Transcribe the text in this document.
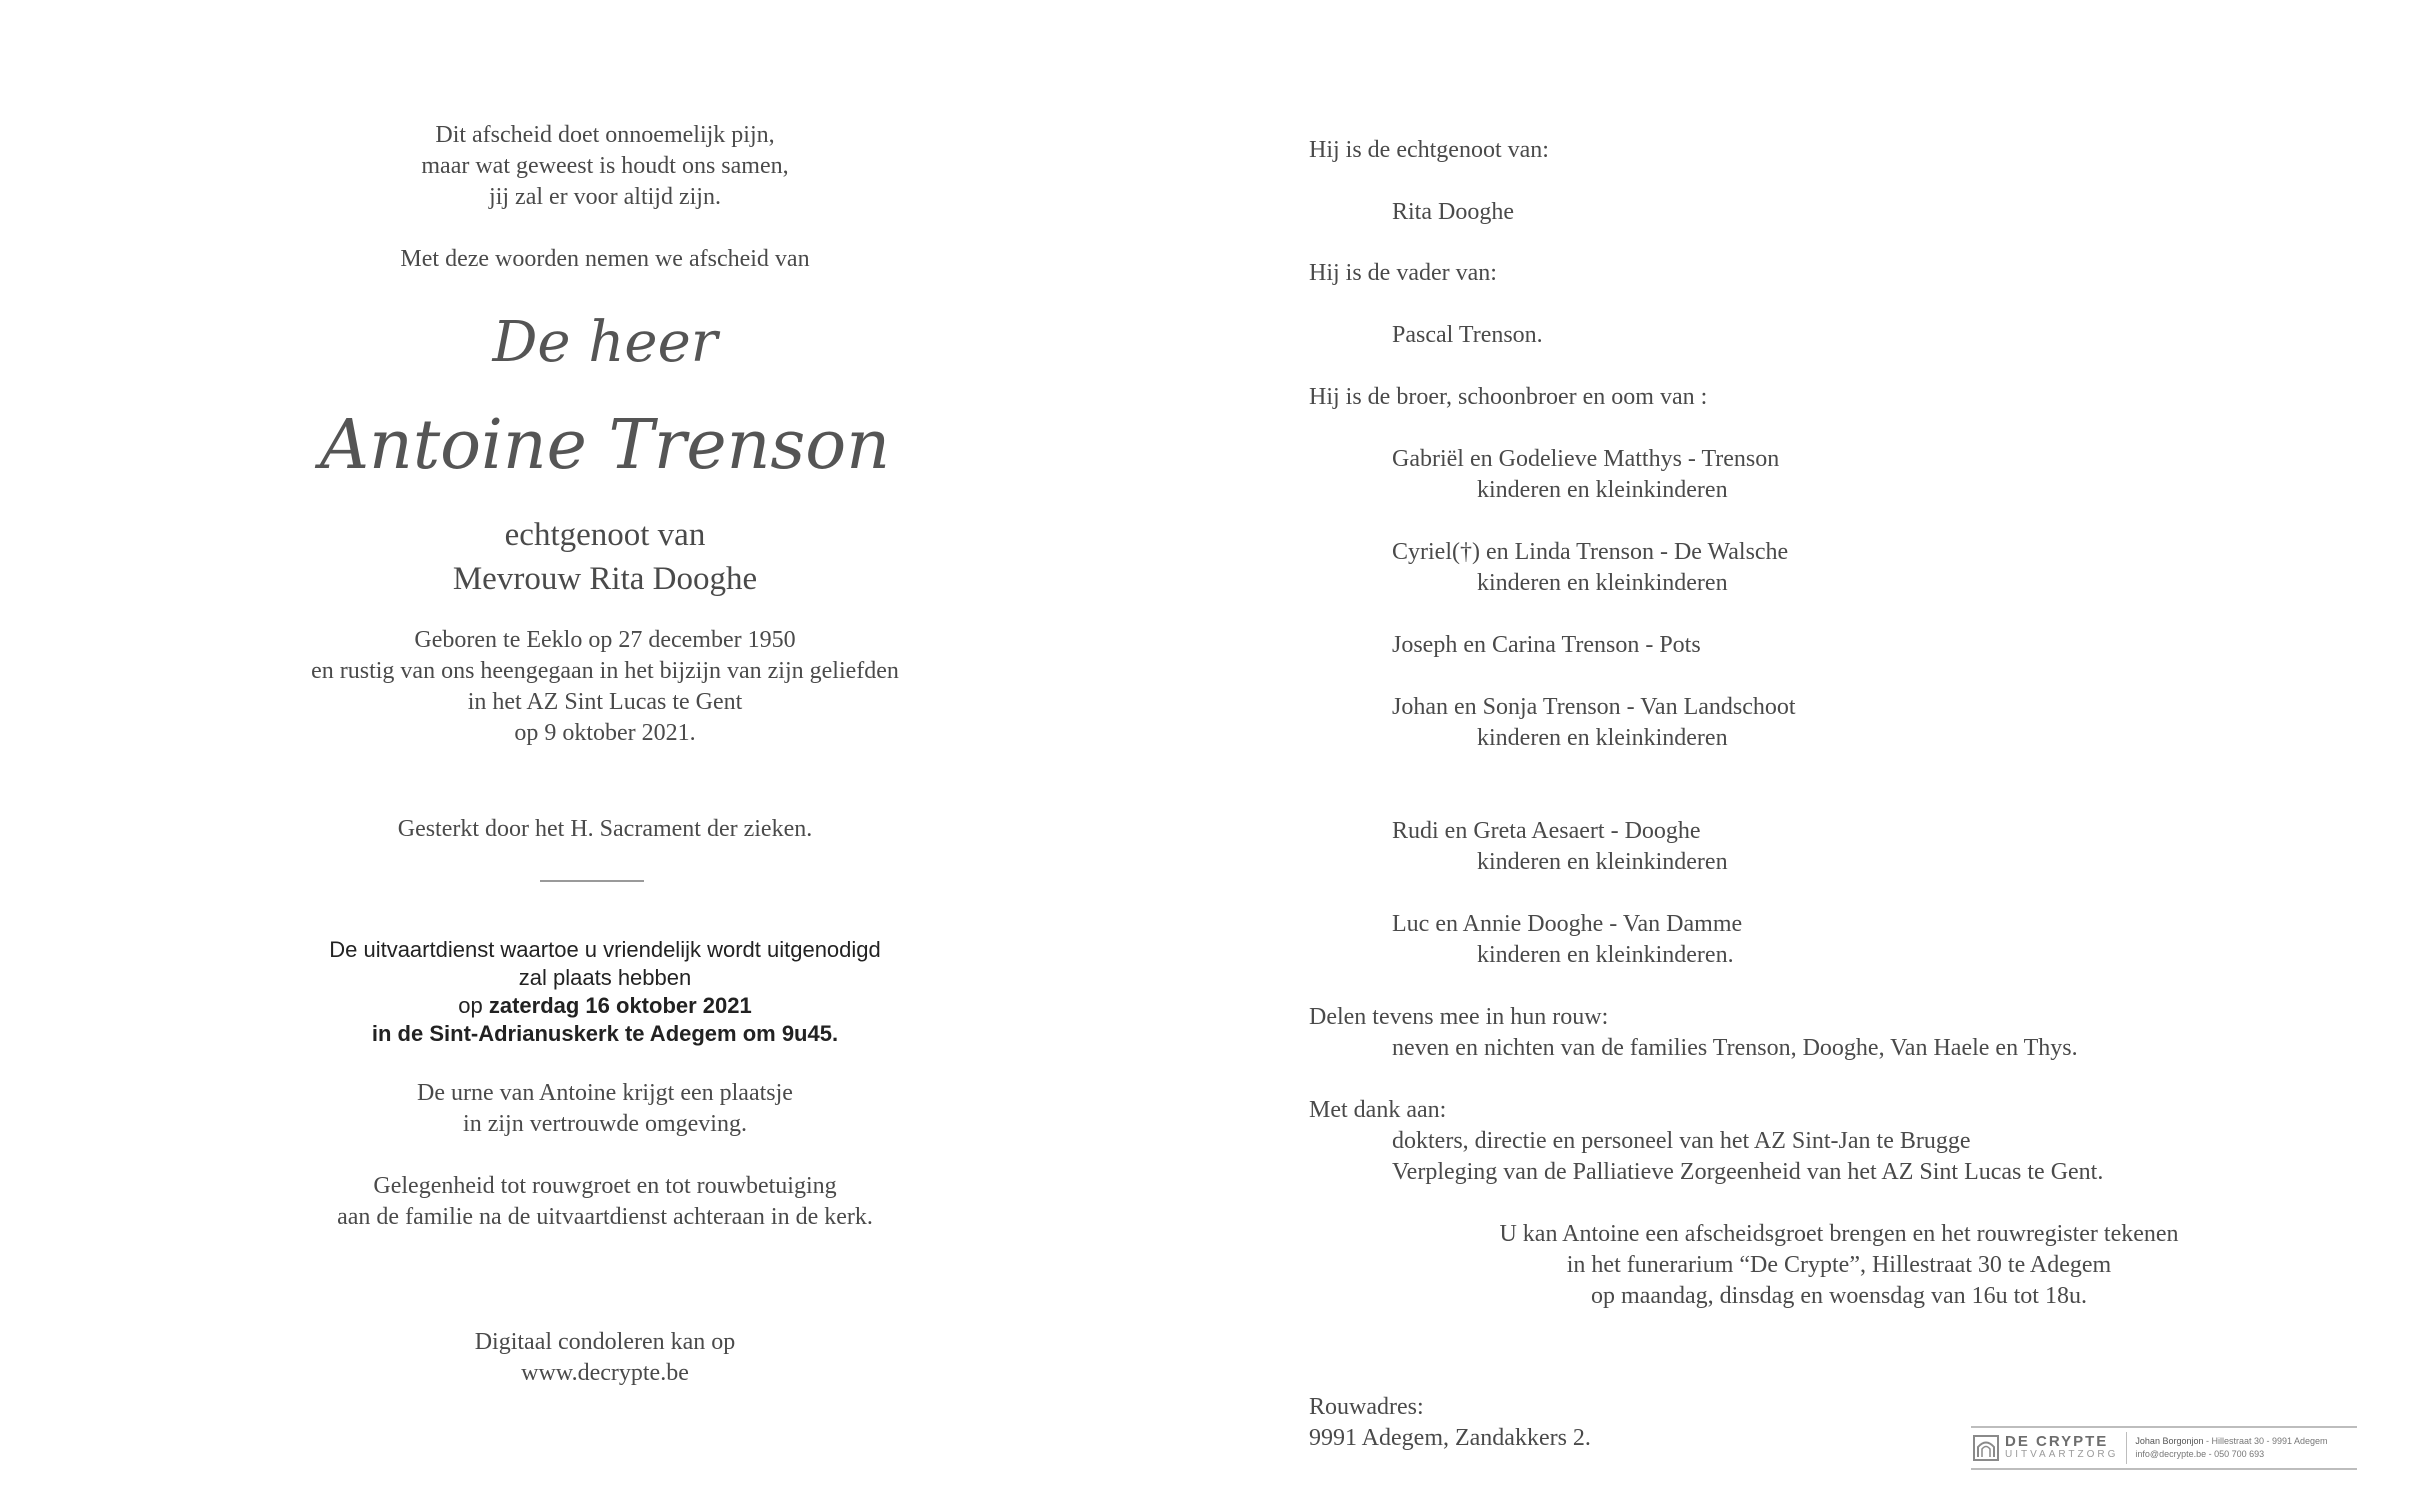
Dit afscheid doet onnoemelijk pijn,
maar wat geweest is houdt ons samen,
jij zal er voor altijd zijn.
Met deze woorden nemen we afscheid van
De heer
Antoine Trenson
echtgenoot van
Mevrouw Rita Dooghe
Geboren te Eeklo op 27 december 1950
en rustig van ons heengegaan in het bijzijn van zijn geliefden
in het AZ Sint Lucas te Gent
op 9 oktober 2021.
Gesterkt door het H. Sacrament der zieken.
De uitvaartdienst waartoe u vriendelijk wordt uitgenodigd
zal plaats hebben
op zaterdag 16 oktober 2021
in de Sint-Adrianuskerk te Adegem om 9u45.
De urne van Antoine krijgt een plaatsje
in zijn vertrouwde omgeving.
Gelegenheid tot rouwgroet en tot rouwbetuiging
aan de familie na de uitvaartdienst achteraan in de kerk.
Digitaal condoleren kan op
www.decrypte.be
Hij is de echtgenoot van:
Rita Dooghe
Hij is de vader van:
Pascal Trenson.
Hij is de broer, schoonbroer en oom van :
Gabriël en Godelieve Matthys - Trenson
kinderen en kleinkinderen
Cyriel(†) en Linda Trenson - De Walsche
kinderen en kleinkinderen
Joseph en Carina Trenson - Pots
Johan en Sonja Trenson - Van Landschoot
kinderen en kleinkinderen
Rudi en Greta Aesaert - Dooghe
kinderen en kleinkinderen
Luc en Annie Dooghe - Van Damme
kinderen en kleinkinderen.
Delen tevens mee in hun rouw:
neven en nichten van de families Trenson, Dooghe, Van Haele en Thys.
Met dank aan:
dokters, directie en personeel van het AZ Sint-Jan te Brugge
Verpleging van de Palliatieve Zorgeenheid van het AZ Sint Lucas te Gent.
U kan Antoine een afscheidsgroet brengen en het rouwregister tekenen
in het funerarium “De Crypte”, Hillestraat 30 te Adegem
op maandag, dinsdag en woensdag van 16u tot 18u.
Rouwadres:
9991 Adegem, Zandakkers 2.	DE CRYPTE
UITVAARTZORG
Johan Borgonjon - Hillestraat 30 - 9991 Adegem
info@decrypte.be - 050 700 693
